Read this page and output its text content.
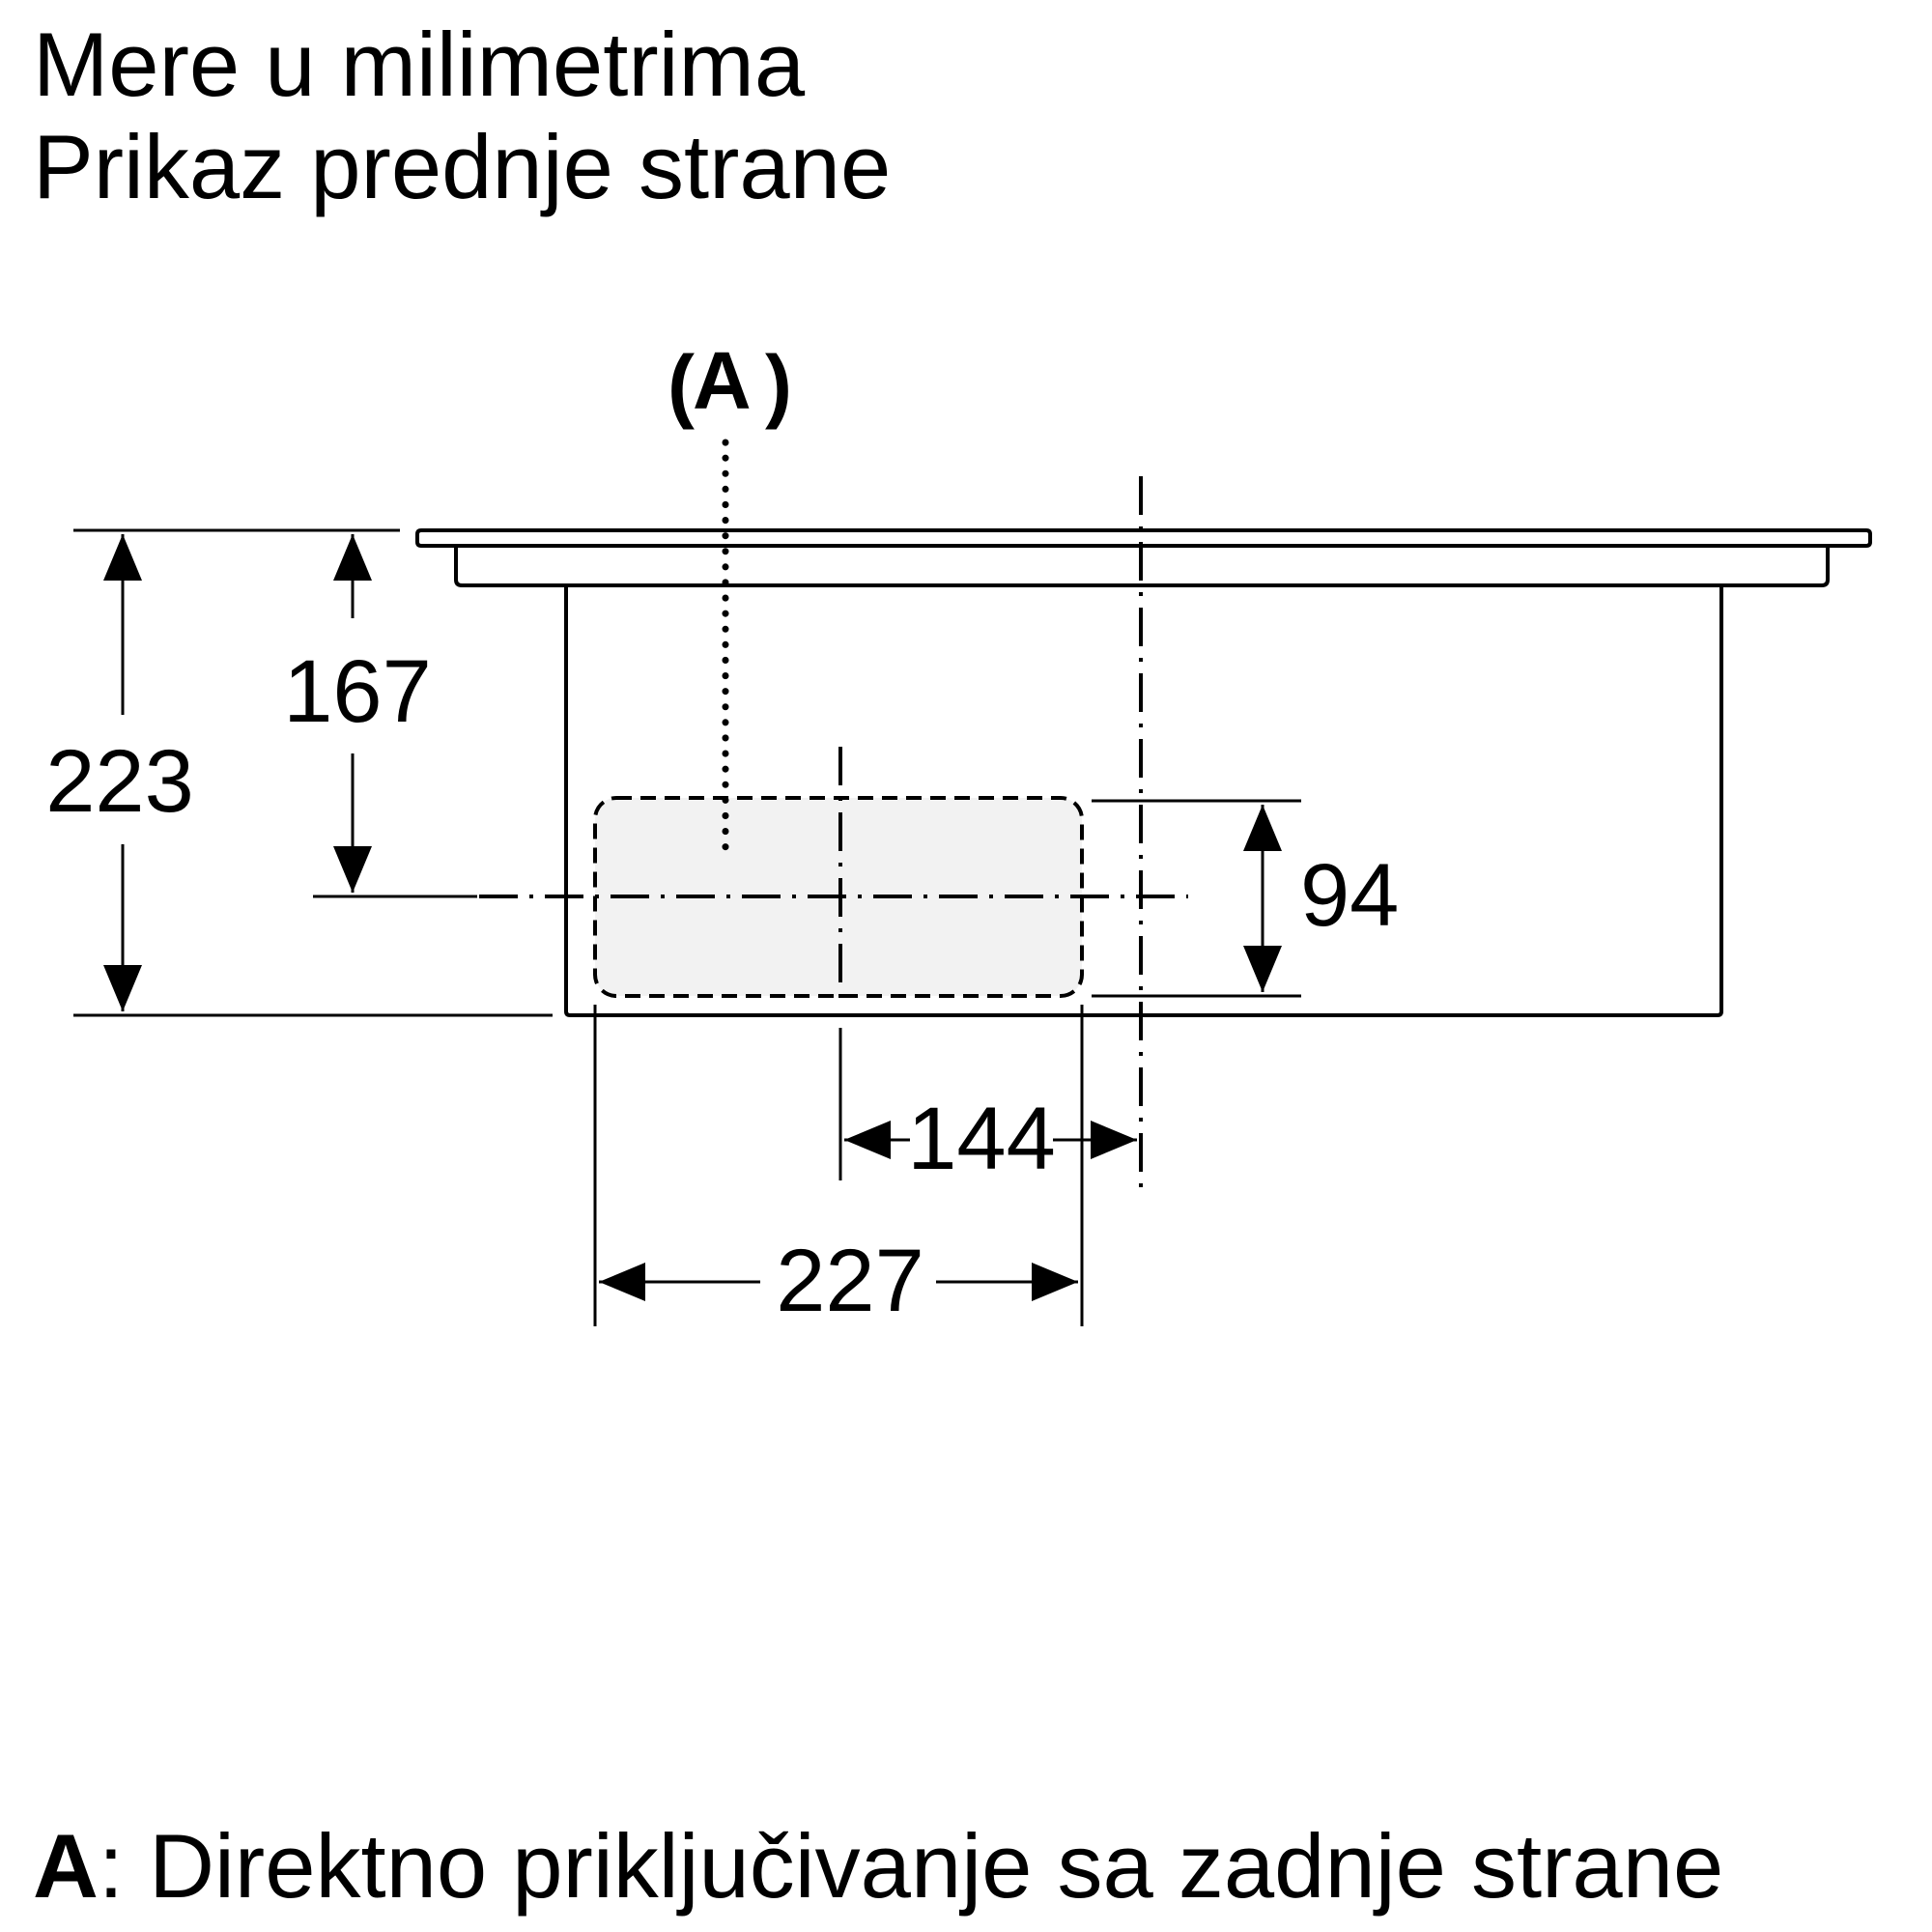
Mere u milimetrima
Prikaz prednje strane
(
A )
223
167
94
144
227

A: Direktno priključivanje sa zadnje strane
